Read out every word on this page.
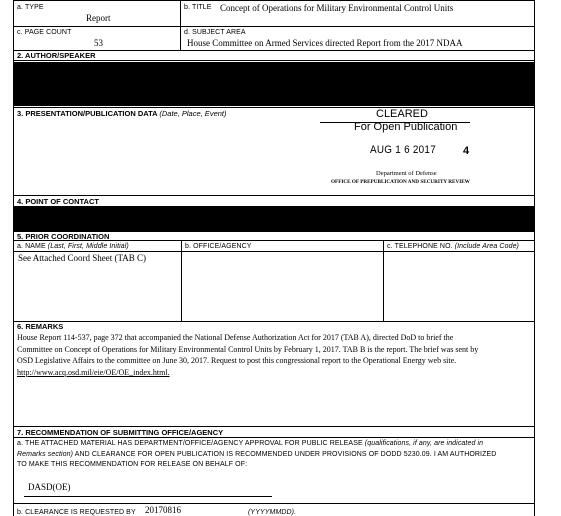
a. TYPE
Report
b. TITLE Concept of Operations for Military Environmental Control Units
c. PAGE COUNT
53
d. SUBJECT AREA
House Committee on Armed Services directed Report from the 2017 NDAA
2. AUTHOR/SPEAKER
3. PRESENTATION/PUBLICATION DATA (Date, Place, Event)	CLEARED
For Open Publication
AUG 1 6 2017 4
Department of Defense
OFFICE OF PREPUBLICATION AND SECURITY REVIEW
4. POINT OF CONTACT
5. PRIOR COORDINATION
a. NAME (Last, First, Middle Initial)	b. OFFICE/AGENCY	c. TELEPHONE NO. (Include Area Code)
See Attached Coord Sheet (TAB C)
6. REMARKS
House Report 114-537, page 372 that accompanied the National Defense Authorization Act for 2017 (TAB A), directed DoD to brief the
Committee on Concept of Operations for Military Environmental Control Units by February 1, 2017. TAB B is the report. The brief was sent by
OSD Legislative Affairs to the committee on June 30, 2017. Request to post this congressional report to the Operational Energy web site.
http://www.acq.osd.mil/eie/OE/OE_index.html.
7. RECOMMENDATION OF SUBMITTING OFFICE/AGENCY
a. THE ATTACHED MATERIAL HAS DEPARTMENT/OFFICE/AGENCY APPROVAL FOR PUBLIC RELEASE (qualifications, if any, are indicated in
Remarks section) AND CLEARANCE FOR OPEN PUBLICATION IS RECOMMENDED UNDER PROVISIONS OF DODD 5230.09. I AM AUTHORIZED
TO MAKE THIS RECOMMENDATION FOR RELEASE ON BEHALF OF:
DASD(OE)
b. CLEARANCE IS REQUESTED BY 20170816	(YYYYMMDD).
